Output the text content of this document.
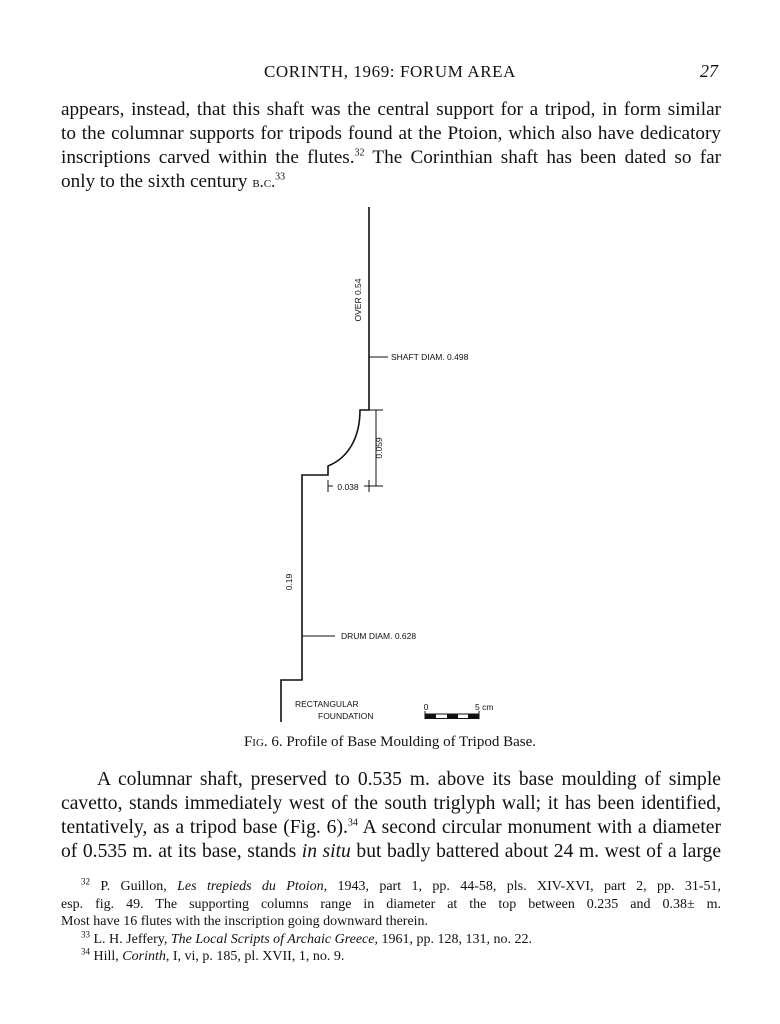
CORINTH, 1969: FORUM AREA	27
appears, instead, that this shaft was the central support for a tripod, in form similar
to the columnar supports for tripods found at the Ptoion, which also have dedicatory
inscriptions carved within the flutes.$^{32}$ The Corinthian shaft has been dated so far
only to the sixth century b.c.$^{33}$
OVER 0.54
SHAFT DIAM. 0.498
0.059
0.038
0.19
DRUM DIAM. 0.628
RECTANGULAR
FOUNDATION
0	5 cm
Fig. 6. Profile of Base Moulding of Tripod Base.
A columnar shaft, preserved to 0.535 m. above its base moulding of simple
cavetto, stands immediately west of the south triglyph wall; it has been identified,
tentatively, as a tripod base (Fig. 6).$^{34}$ A second circular monument with a diameter
of 0.535 m. at its base, stands in situ but badly battered about 24 m. west of a large
$^{32}$ P. Guillon, Les trepieds du Ptoion, 1943, part 1, pp. 44-58, pls. XIV-XVI, part 2, pp. 31-51,
esp. fig. 49. The supporting columns range in diameter at the top between 0.235 and 0.38± m.
Most have 16 flutes with the inscription going downward therein.
$^{33}$ L. H. Jeffery, The Local Scripts of Archaic Greece, 1961, pp. 128, 131, no. 22.
$^{34}$ Hill, Corinth, I, vi, p. 185, pl. XVII, 1, no. 9.
